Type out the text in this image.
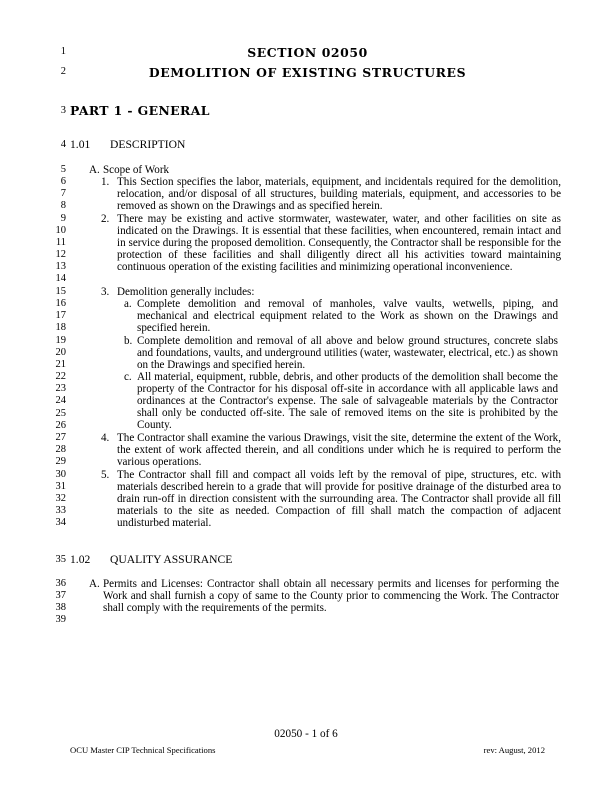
1
2
3
4
5
6
7
8
9
10
11
12
13
14
15
16
17
18
19
20
21
22
23
24
25
26
27
28
29
30
31
32
33
34
35
36
37
38
39
SECTION 02050
DEMOLITION OF EXISTING STRUCTURES
PART 1 - GENERAL
1.01 DESCRIPTION
A. Scope of Work
1. This Section specifies the labor, materials, equipment, and incidentals required for the demolition, relocation, and/or disposal of all structures, building materials, equipment, and accessories to be removed as shown on the Drawings and as specified herein.
2. There may be existing and active stormwater, wastewater, water, and other facilities on site as indicated on the Drawings. It is essential that these facilities, when encountered, remain intact and in service during the proposed demolition. Consequently, the Contractor shall be responsible for the protection of these facilities and shall diligently direct all his activities toward maintaining continuous operation of the existing facilities and minimizing operational inconvenience.
3. Demolition generally includes:
a. Complete demolition and removal of manholes, valve vaults, wetwells, piping, and mechanical and electrical equipment related to the Work as shown on the Drawings and specified herein.
b. Complete demolition and removal of all above and below ground structures, concrete slabs and foundations, vaults, and underground utilities (water, wastewater, electrical, etc.) as shown on the Drawings and specified herein.
c. All material, equipment, rubble, debris, and other products of the demolition shall become the property of the Contractor for his disposal off-site in accordance with all applicable laws and ordinances at the Contractor's expense. The sale of salvageable materials by the Contractor shall only be conducted off-site. The sale of removed items on the site is prohibited by the County.
4. The Contractor shall examine the various Drawings, visit the site, determine the extent of the Work, the extent of work affected therein, and all conditions under which he is required to perform the various operations.
5. The Contractor shall fill and compact all voids left by the removal of pipe, structures, etc. with materials described herein to a grade that will provide for positive drainage of the disturbed area to drain run-off in direction consistent with the surrounding area. The Contractor shall provide all fill materials to the site as needed. Compaction of fill shall match the compaction of adjacent undisturbed material.
1.02 QUALITY ASSURANCE
A. Permits and Licenses: Contractor shall obtain all necessary permits and licenses for performing the Work and shall furnish a copy of same to the County prior to commencing the Work. The Contractor shall comply with the requirements of the permits.
02050 - 1 of 6
OCU Master CIP Technical Specifications	rev: August, 2012
